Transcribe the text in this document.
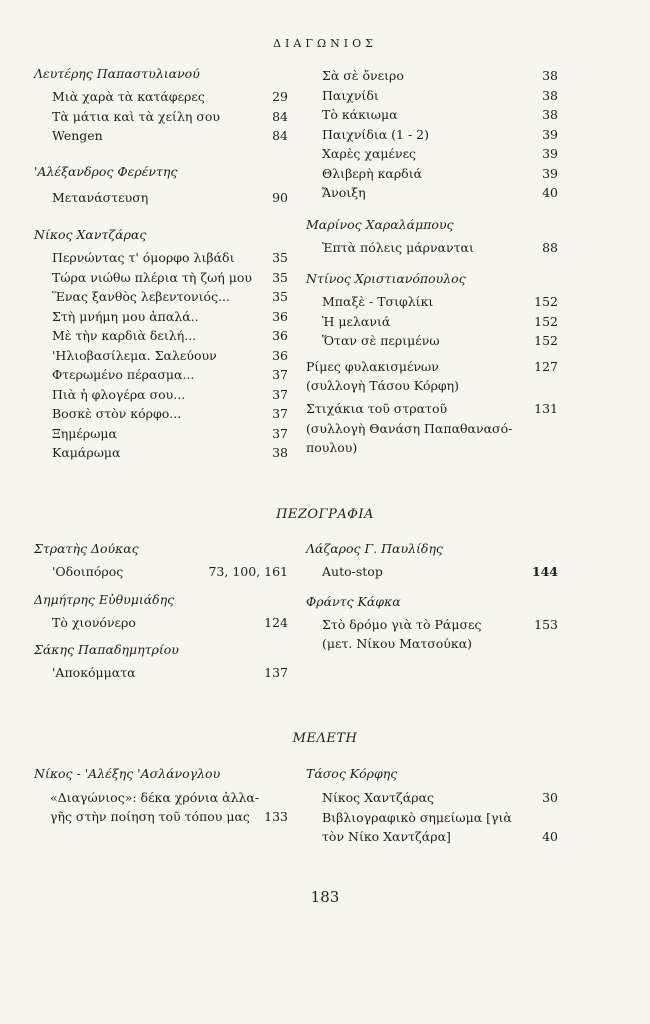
ΔΙΑΓΩΝΙΟΣ
Λευτέρης Παπαστυλιανού
Μιὰ χαρὰ τὰ κατάφερες	29
Τὰ μάτια καὶ τὰ χείλη σου	84
Wengen	84
'Αλέξανδρος Φερέντης
Μετανάστευση	90
Νίκος Χαντζάρας
Περνώντας τ' όμορφο λιβάδι	35
Τώρα νιώθω πλέρια τὴ ζωή μου	35
Ἕνας ξανθὸς λεβεντονιός...	35
Στὴ μνήμη μου ἀπαλά..	36
Μὲ τὴν καρδιὰ δειλή...	36
'Ηλιοβασίλεμα. Σαλεύουν	36
Φτερωμένο πέρασμα...	37
Πιὰ ἡ φλογέρα σου...	37
Βοσκὲ στὸν κόρφο...	37
Ξημέρωμα	37
Καμάρωμα	38
Σὰ σὲ ὄνειρο	38
Παιχνίδι	38
Τὸ κάκιωμα	38
Παιχνίδια (1 - 2)	39
Χαρὲς χαμένες	39
Θλιβερὴ καρδιά	39
Ἄνοιξη	40
Μαρίνος Χαραλάμπους
Ἑπτὰ πόλεις μάρνανται	88
Ντίνος Χριστιανόπουλος
Μπαξὲ - Τσιφλίκι	152
Ἡ μελανιά	152
Ὅταν σὲ περιμένω	152
Ρίμες φυλακισμένων	127
(συλλογὴ Τάσου Κόρφη)
Στιχάκια τοῦ στρατοῦ	131
(συλλογὴ Θανάση Παπαθανασό-
πουλου)
ΠΕΖΟΓΡΑΦΙΑ
Στρατὴς Δούκας
'Οδοιπόρος	73, 100, 161
Δημήτρης Εὐθυμιάδης
Τὸ χιονόνερο	124
Σάκης Παπαδημητρίου
'Αποκόμματα	137
Λάζαρος Γ. Παυλίδης
Auto-stop	144
Φράντς Κάφκα
Στὸ δρόμο γιὰ τὸ Ράμσες	153
(μετ. Νίκου Ματσούκα)
ΜΕΛΕΤΗ
Νίκος - 'Αλέξης 'Ασλάνογλου
«Διαγώνιος»: δέκα χρόνια ἀλλα-
γῆς στὴν ποίηση τοῦ τόπου μας	133
Τάσος Κόρφης
Νίκος Χαντζάρας	30
Βιβλιογραφικὸ σημείωμα [γιὰ
τὸν Νίκο Χαντζάρα]	40
183
